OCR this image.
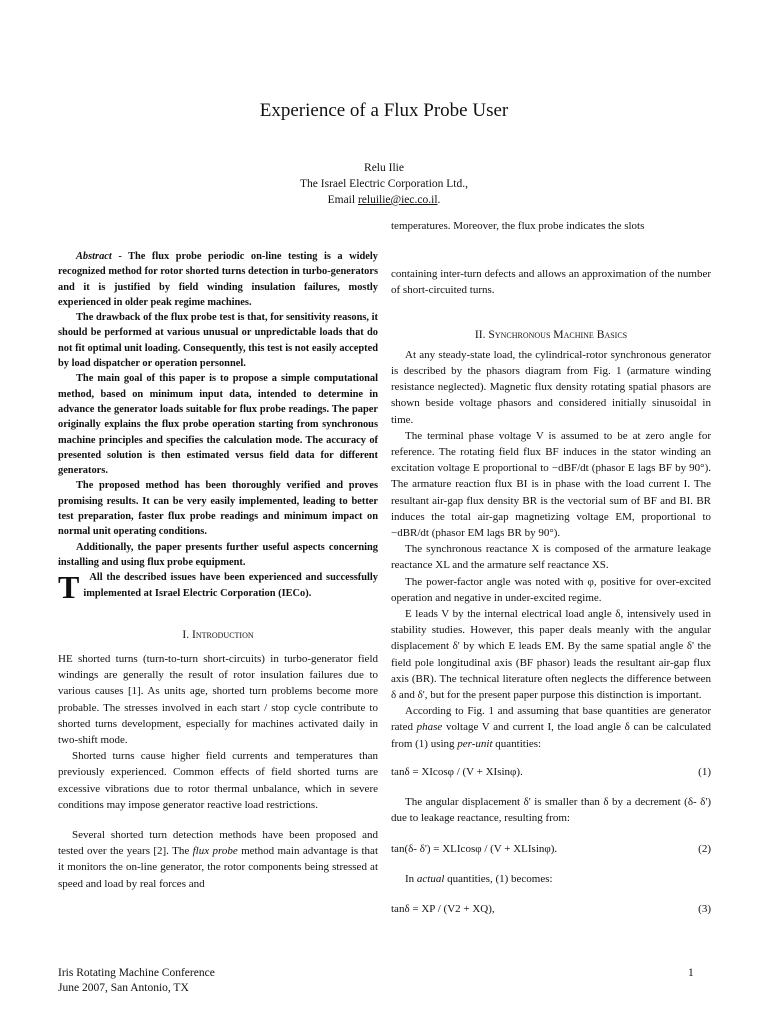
Experience of a Flux Probe User
Relu Ilie
The Israel Electric Corporation Ltd.,
Email reluilie@iec.co.il.

Abstract - The flux probe periodic on-line testing is a widely recognized method for rotor shorted turns detection in turbo-generators and it is justified by field winding insulation failures, mostly experienced in older peak regime machines.

The drawback of the flux probe test is that, for sensitivity reasons, it should be performed at various unusual or unpredictable loads that do not fit optimal unit loading. Consequently, this test is not easily accepted by load dispatcher or operation personnel.

The main goal of this paper is to propose a simple computational method, based on minimum input data, intended to determine in advance the generator loads suitable for flux probe readings. The paper originally explains the flux probe operation starting from synchronous machine principles and specifies the calculation mode. The accuracy of presented solution is then estimated versus field data for different generators.

The proposed method has been thoroughly verified and proves promising results. It can be very easily implemented, leading to better test preparation, faster flux probe readings and minimum impact on normal unit operating conditions.

Additionally, the paper presents further useful aspects concerning installing and using flux probe equipment.

T All the described issues have been experienced and successfully implemented at Israel Electric Corporation (IECo).

I. Introduction

HE shorted turns (turn-to-turn short-circuits) in turbo-generator field windings are generally the result of rotor insulation failures due to various causes [1]. As units age, shorted turn problems become more probable. The stresses involved in each start / stop cycle contribute to shorted turns development, especially for machines activated daily in two-shift mode.

Shorted turns cause higher field currents and temperatures than previously experienced. Common effects of field shorted turns are excessive vibrations due to rotor thermal unbalance, which in severe conditions may impose generator reactive load restrictions.

Several shorted turn detection methods have been proposed and tested over the years [2]. The flux probe method main advantage is that it monitors the on-line generator, the rotor components being stressed at speed and load by real forces and

temperatures. Moreover, the flux probe indicates the slots

containing inter-turn defects and allows an approximation of the number of short-circuited turns.

II. Synchronous Machine Basics

At any steady-state load, the cylindrical-rotor synchronous generator is described by the phasors diagram from Fig. 1 (armature winding resistance neglected). Magnetic flux density rotating spatial phasors are shown beside voltage phasors and considered initially sinusoidal in time.

The terminal phase voltage V is assumed to be at zero angle for reference. The rotating field flux BF induces in the stator winding an excitation voltage E proportional to −dBF/dt (phasor E lags BF by 90°). The armature reaction flux BI is in phase with the load current I. The resultant air-gap flux density BR is the vectorial sum of BF and BI. BR induces the total air-gap magnetizing voltage EM, proportional to −dBR/dt (phasor EM lags BR by 90°).

The synchronous reactance X is composed of the armature leakage reactance XL and the armature self reactance XS.

The power-factor angle was noted with φ, positive for over-excited operation and negative in under-excited regime.

E leads V by the internal electrical load angle δ, intensively used in stability studies. However, this paper deals meanly with the angular displacement δ' by which E leads EM. By the same spatial angle δ' the field pole longitudinal axis (BF phasor) leads the resultant air-gap flux axis (BR). The technical literature often neglects the difference between δ and δ', but for the present paper purpose this distinction is important.

According to Fig. 1 and assuming that base quantities are generator rated phase voltage V and current I, the load angle δ can be calculated from (1) using per-unit quantities:

tanδ = XIcosφ / (V + XIsinφ).	(1)

The angular displacement δ' is smaller than δ by a decrement (δ- δ') due to leakage reactance, resulting from:

tan(δ- δ') = XLIcosφ / (V + XLIsinφ).	(2)

In actual quantities, (1) becomes:

tanδ = XP / (V2 + XQ),	(3)
Iris Rotating Machine Conference
June 2007, San Antonio, TX
1
